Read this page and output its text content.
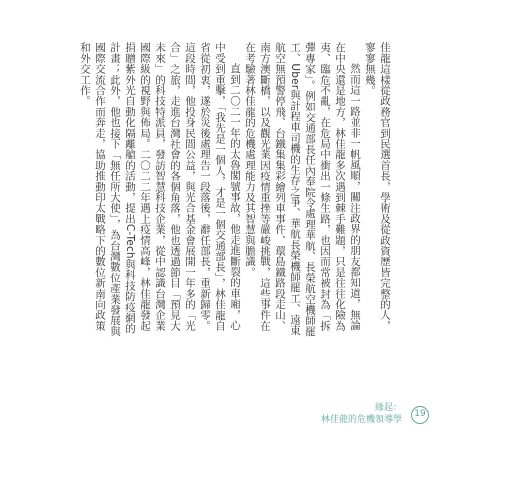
佳龍這樣從政務官到民選首長，學術及從政資歷皆完整的人，寥寥無幾。

然而這一路並非一帆風順，關注政界的朋友都知道，無論在中央還是地方，林佳龍多次遇到棘手難題，只是往往化險為夷、臨危不亂，在危局中衝出一條生路，也因而常被封為「拆彈專家」。例如交通部長任內奉院令處理華航、長榮航空機師罷工、Uber與計程車司機的生存之爭、華航長榮機師罷工、遠東航空無預警停飛、台鐵集集彩繪列車事件、環島鐵路段走山、南方澳斷橋，以及觀光業因疫情重挫等嚴峻挑戰，這些事件在在考驗著林佳龍的危機處理能力及其智慧與膽識。

直到二〇二一年的太魯閣號事故，他走進斷裂的車廂，心中受到重擊，「我先是一個人，才是一個交通部長」，林佳龍自省從初衷，遂於災後處理告一段落後，辭任部長，重新歸零。這段時間，他投身民間公益，與光合基金會展開一年多的「光合」之旅，走進台灣社會的各個角落，他也透過節目「預見大未來」的科技特派員，發訪智慧科技企業，從中認識台灣企業國際級的視野與佈局。二〇二二年遇上疫情高峰，林佳龍發起捐贈紫外光自動化隔離艙的活動，提出C-Tech與科技防疫網的計畫；此外，他也接下「無任所大使」，為台灣數位產業發展與國際交流合作而奔走，協助推動印太戰略下的數位新南向政策和外交工作。

緣起：
林佳龍的危機領導學
19
